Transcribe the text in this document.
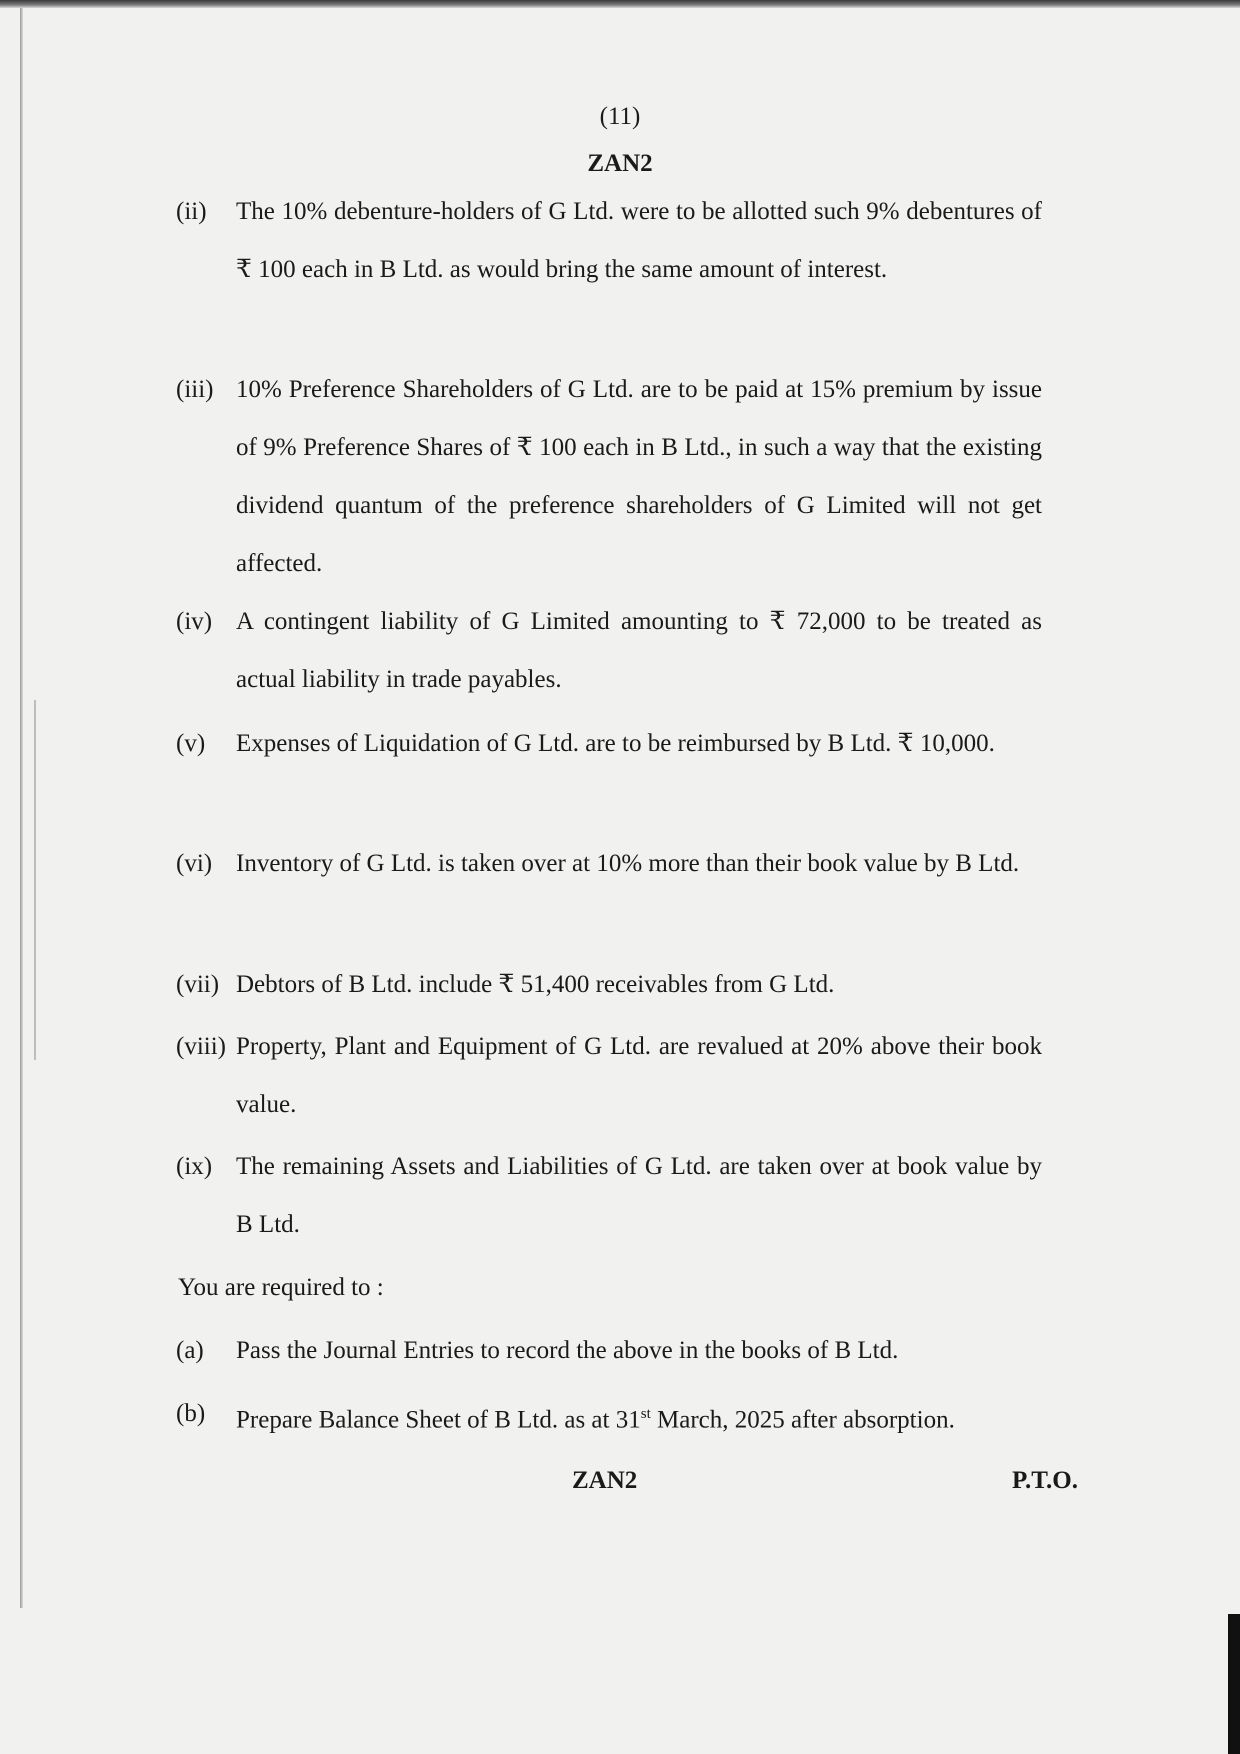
(11)
ZAN2
(ii) The 10% debenture-holders of G Ltd. were to be allotted such 9% debentures of ₹ 100 each in B Ltd. as would bring the same amount of interest.
(iii) 10% Preference Shareholders of G Ltd. are to be paid at 15% premium by issue of 9% Preference Shares of ₹ 100 each in B Ltd., in such a way that the existing dividend quantum of the preference shareholders of G Limited will not get affected.
(iv) A contingent liability of G Limited amounting to ₹ 72,000 to be treated as actual liability in trade payables.
(v) Expenses of Liquidation of G Ltd. are to be reimbursed by B Ltd. ₹ 10,000.
(vi) Inventory of G Ltd. is taken over at 10% more than their book value by B Ltd.
(vii) Debtors of B Ltd. include ₹ 51,400 receivables from G Ltd.
(viii) Property, Plant and Equipment of G Ltd. are revalued at 20% above their book value.
(ix) The remaining Assets and Liabilities of G Ltd. are taken over at book value by B Ltd.
You are required to :
(a) Pass the Journal Entries to record the above in the books of B Ltd.
(b) Prepare Balance Sheet of B Ltd. as at 31st March, 2025 after absorption.
ZAN2	P.T.O.
